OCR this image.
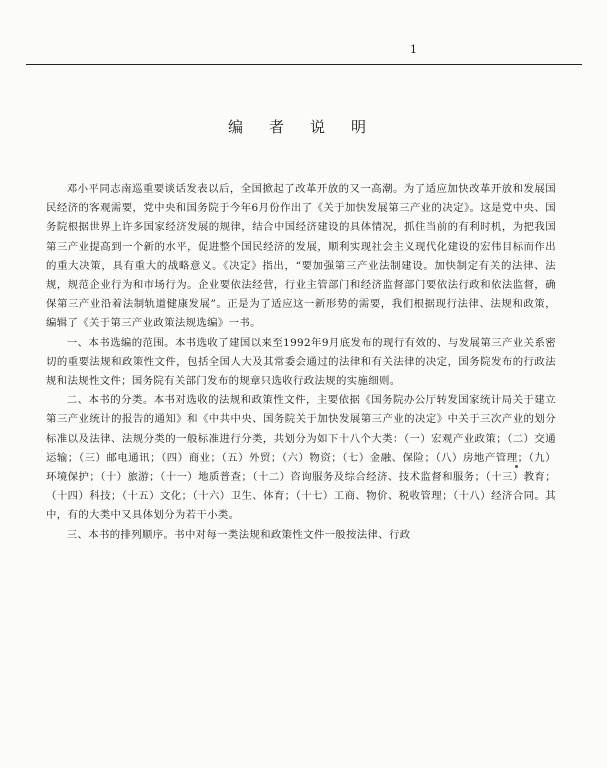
1
编者说明

邓小平同志南巡重要谈话发表以后，全国掀起了改革开放的又一高潮。为了适应加快改革开放和发展国民经济的客观需要，党中央和国务院于今年6月份作出了《关于加快发展第三产业的决定》。这是党中央、国务院根据世界上许多国家经济发展的规律，结合中国经济建设的具体情况，抓住当前的有利时机，为把我国第三产业提高到一个新的水平，促进整个国民经济的发展，顺利实现社会主义现代化建设的宏伟目标而作出的重大决策，具有重大的战略意义。《决定》指出，“要加强第三产业法制建设。加快制定有关的法律、法规，规范企业行为和市场行为。企业要依法经营，行业主管部门和经济监督部门要依法行政和依法监督，确保第三产业沿着法制轨道健康发展”。正是为了适应这一新形势的需要，我们根据现行法律、法规和政策，编辑了《关于第三产业政策法规选编》一书。

一、本书选编的范围。本书选收了建国以来至1992年9月底发布的现行有效的、与发展第三产业关系密切的重要法规和政策性文件，包括全国人大及其常委会通过的法律和有关法律的决定，国务院发布的行政法规和法规性文件；国务院有关部门发布的规章只选收行政法规的实施细则。

二、本书的分类。本书对选收的法规和政策性文件，主要依据《国务院办公厅转发国家统计局关于建立第三产业统计的报告的通知》和《中共中央、国务院关于加快发展第三产业的决定》中关于三次产业的划分标准以及法律、法规分类的一般标准进行分类，共划分为如下十八个大类：（一）宏观产业政策；（二）交通运输；（三）邮电通讯；（四）商业；（五）外贸；（六）物资；（七）金融、保险；（八）房地产管理；（九）环境保护；（十）旅游；（十一）地质普查；（十二）咨询服务及综合经济、技术监督和服务；（十三）教育；（十四）科技；（十五）文化；（十六）卫生、体育；（十七）工商、物价、税收管理；（十八）经济合同。其中，有的大类中又具体划分为若干小类。

三、本书的排列顺序。书中对每一类法规和政策性文件一般按法律、行政
